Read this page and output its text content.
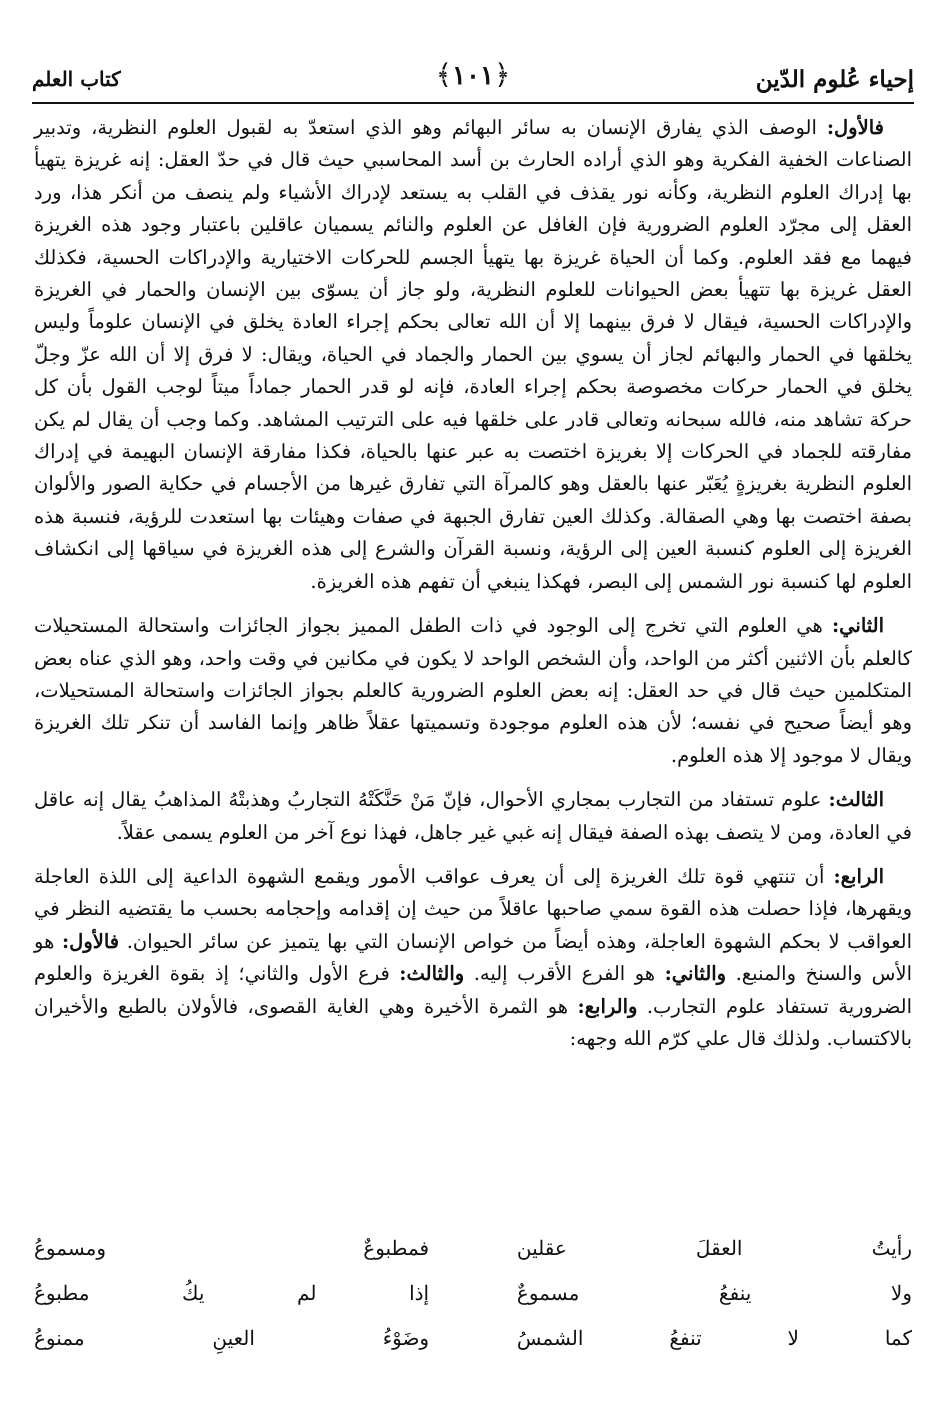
إحياء عُلوم الدّين
﴿١٠١﴾
كتاب العلم

فالأول: الوصف الذي يفارق الإنسان به سائر البهائم وهو الذي استعدّ به لقبول العلوم النظرية، وتدبير الصناعات الخفية الفكرية وهو الذي أراده الحارث بن أسد المحاسبي حيث قال في حدّ العقل: إنه غريزة يتهيأ بها إدراك العلوم النظرية، وكأنه نور يقذف في القلب به يستعد لإدراك الأشياء ولم ينصف من أنكر هذا، ورد العقل إلى مجرّد العلوم الضرورية فإن الغافل عن العلوم والنائم يسميان عاقلين باعتبار وجود هذه الغريزة فيهما مع فقد العلوم. وكما أن الحياة غريزة بها يتهيأ الجسم للحركات الاختيارية والإدراكات الحسية، فكذلك العقل غريزة بها تتهيأ بعض الحيوانات للعلوم النظرية، ولو جاز أن يسوّى بين الإنسان والحمار في الغريزة والإدراكات الحسية، فيقال لا فرق بينهما إلا أن الله تعالى بحكم إجراء العادة يخلق في الإنسان علوماً وليس يخلقها في الحمار والبهائم لجاز أن يسوي بين الحمار والجماد في الحياة، ويقال: لا فرق إلا أن الله عزّ وجلّ يخلق في الحمار حركات مخصوصة بحكم إجراء العادة، فإنه لو قدر الحمار جماداً ميتاً لوجب القول بأن كل حركة تشاهد منه، فالله سبحانه وتعالى قادر على خلقها فيه على الترتيب المشاهد. وكما وجب أن يقال لم يكن مفارقته للجماد في الحركات إلا بغريزة اختصت به عبر عنها بالحياة، فكذا مفارقة الإنسان البهيمة في إدراك العلوم النظرية بغريزةٍ يُعَبّر عنها بالعقل وهو كالمرآة التي تفارق غيرها من الأجسام في حكاية الصور والألوان بصفة اختصت بها وهي الصقالة. وكذلك العين تفارق الجبهة في صفات وهيئات بها استعدت للرؤية، فنسبة هذه الغريزة إلى العلوم كنسبة العين إلى الرؤية، ونسبة القرآن والشرع إلى هذه الغريزة في سياقها إلى انكشاف العلوم لها كنسبة نور الشمس إلى البصر، فهكذا ينبغي أن تفهم هذه الغريزة.

الثاني: هي العلوم التي تخرج إلى الوجود في ذات الطفل المميز بجواز الجائزات واستحالة المستحيلات كالعلم بأن الاثنين أكثر من الواحد، وأن الشخص الواحد لا يكون في مكانين في وقت واحد، وهو الذي عناه بعض المتكلمين حيث قال في حد العقل: إنه بعض العلوم الضرورية كالعلم بجواز الجائزات واستحالة المستحيلات، وهو أيضاً صحيح في نفسه؛ لأن هذه العلوم موجودة وتسميتها عقلاً ظاهر وإنما الفاسد أن تنكر تلك الغريزة ويقال لا موجود إلا هذه العلوم.

الثالث: علوم تستفاد من التجارب بمجاري الأحوال، فإنّ مَنْ حَنَّكَتْهُ التجاربُ وهذبتْهُ المذاهبُ يقال إنه عاقل في العادة، ومن لا يتصف بهذه الصفة فيقال إنه غبي غير جاهل، فهذا نوع آخر من العلوم يسمى عقلاً.

الرابع: أن تنتهي قوة تلك الغريزة إلى أن يعرف عواقب الأمور ويقمع الشهوة الداعية إلى اللذة العاجلة ويقهرها، فإذا حصلت هذه القوة سمي صاحبها عاقلاً من حيث إن إقدامه وإحجامه بحسب ما يقتضيه النظر في العواقب لا بحكم الشهوة العاجلة، وهذه أيضاً من خواص الإنسان التي بها يتميز عن سائر الحيوان. فالأول: هو الأس والسنخ والمنبع. والثاني: هو الفرع الأقرب إليه. والثالث: فرع الأول والثاني؛ إذ بقوة الغريزة والعلوم الضرورية تستفاد علوم التجارب. والرابع: هو الثمرة الأخيرة وهي الغاية القصوى، فالأولان بالطبع والأخيران بالاكتساب. ولذلك قال علي كرّم الله وجهه:

رأيتُ العقلَ عقلين
فمطبوعٌ ومسموعُ
ولا ينفعُ مسموعٌ
إذا لم يكُ مطبوعُ
كما لا تنفعُ الشمسُ
وضَوْءُ العينِ ممنوعُ
